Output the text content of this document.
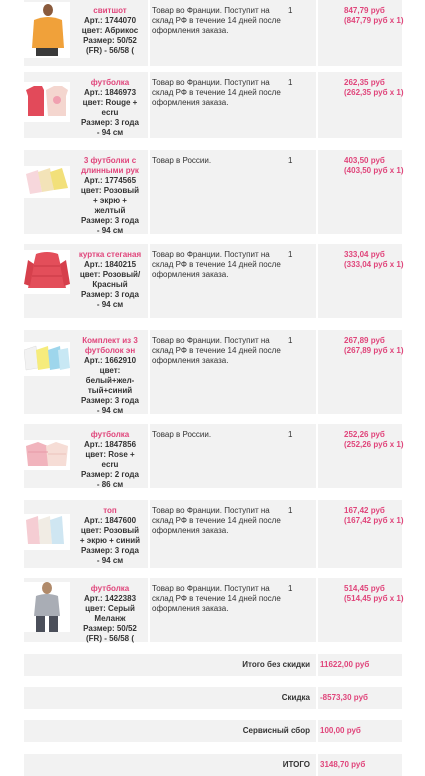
свитшот
Арт.: 1744070
цвет: Абрикос
Размер: 50/52
(FR) - 56/58 (
Товар во Франции. Поступит на склад РФ в течение 14 дней после оформления заказа.
1	847,79 руб
(847,79 руб x 1)
футболка
Арт.: 1846973
цвет: Rouge +
ecru
Размер: 3 года
- 94 см
Товар во Франции. Поступит на склад РФ в течение 14 дней после оформления заказа.
1	262,35 руб
(262,35 руб x 1)
3 футболки с длинными рук
Арт.: 1774565
цвет: Розовый
+ экрю +
желтый
Размер: 3 года
- 94 см
Товар в России.	1	403,50 руб
(403,50 руб x 1)
куртка стеганая
Арт.: 1840215
цвет: Розовый/
Красный
Размер: 3 года
- 94 см
Товар во Франции. Поступит на склад РФ в течение 14 дней после оформления заказа.
1	333,04 руб
(333,04 руб x 1)
Комплект из 3 футболок эн
Арт.: 1662910
цвет:
белый+жел-
тый+синий
Размер: 3 года
- 94 см
Товар во Франции. Поступит на склад РФ в течение 14 дней после оформления заказа.
1	267,89 руб
(267,89 руб x 1)
футболка
Арт.: 1847856
цвет: Rose +
ecru
Размер: 2 года
- 86 см
Товар в России.	1	252,26 руб
(252,26 руб x 1)
топ
Арт.: 1847600
цвет: Розовый
+ экрю + синий
Размер: 3 года
- 94 см
Товар во Франции. Поступит на склад РФ в течение 14 дней после оформления заказа.
1	167,42 руб
(167,42 руб x 1)
футболка
Арт.: 1422383
цвет: Серый
Меланж
Размер: 50/52
(FR) - 56/58 (
Товар во Франции. Поступит на склад РФ в течение 14 дней после оформления заказа.
1	514,45 руб
(514,45 руб x 1)
Итого без скидки 11622,00 руб
Скидка -8573,30 руб
Сервисный сбор 100,00 руб
ИТОГО 3148,70 руб
